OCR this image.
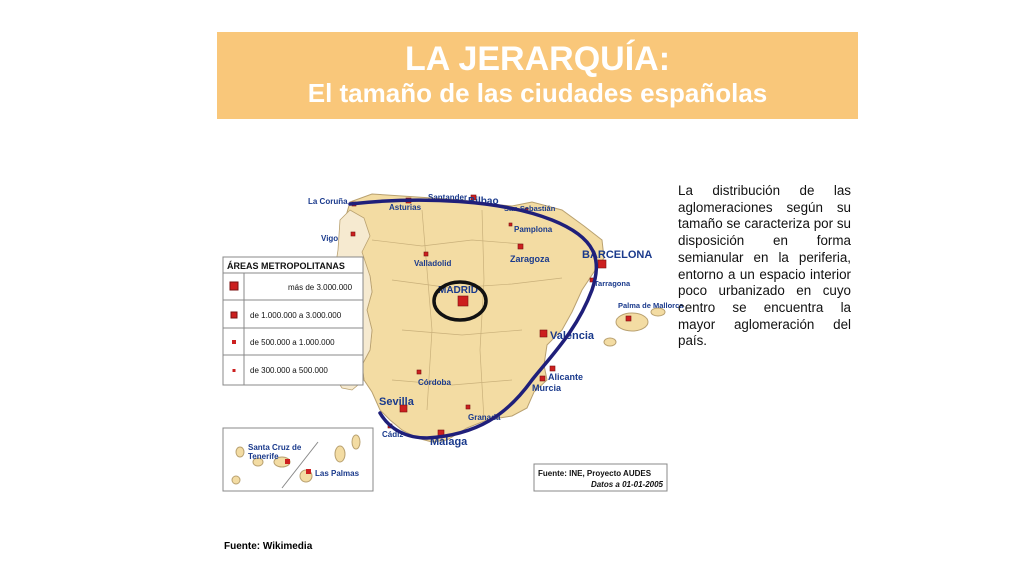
LA JERARQUÍA:
El tamaño de las ciudades españolas
ÁREAS METROPOLITANAS
más de 3.000.000
de 1.000.000 a 3.000.000
de 500.000 a 1.000.000
de 300.000 a 500.000
Santa Cruz de
Tenerife
Las Palmas	Fuente: INE, Proyecto AUDES
Datos a 01-01-2005
La Coruña	Santander Bilbao
Asturias	San Sebastián
Pamplona
Vigo
Valladolid	Zaragoza	BARCELONA
Tarragona
MADRID
Palma de Mallorca
Valencia
Alicante
Murcia
Córdoba
Sevilla
Granada
Cádiz
Málaga
La distribución de las aglomeraciones según su tamaño se caracteriza por su disposición en forma semianular en la periferia, entorno a un espacio interior poco urbanizado en cuyo centro se encuentra la mayor aglomeración del país.
Fuente: Wikimedia
